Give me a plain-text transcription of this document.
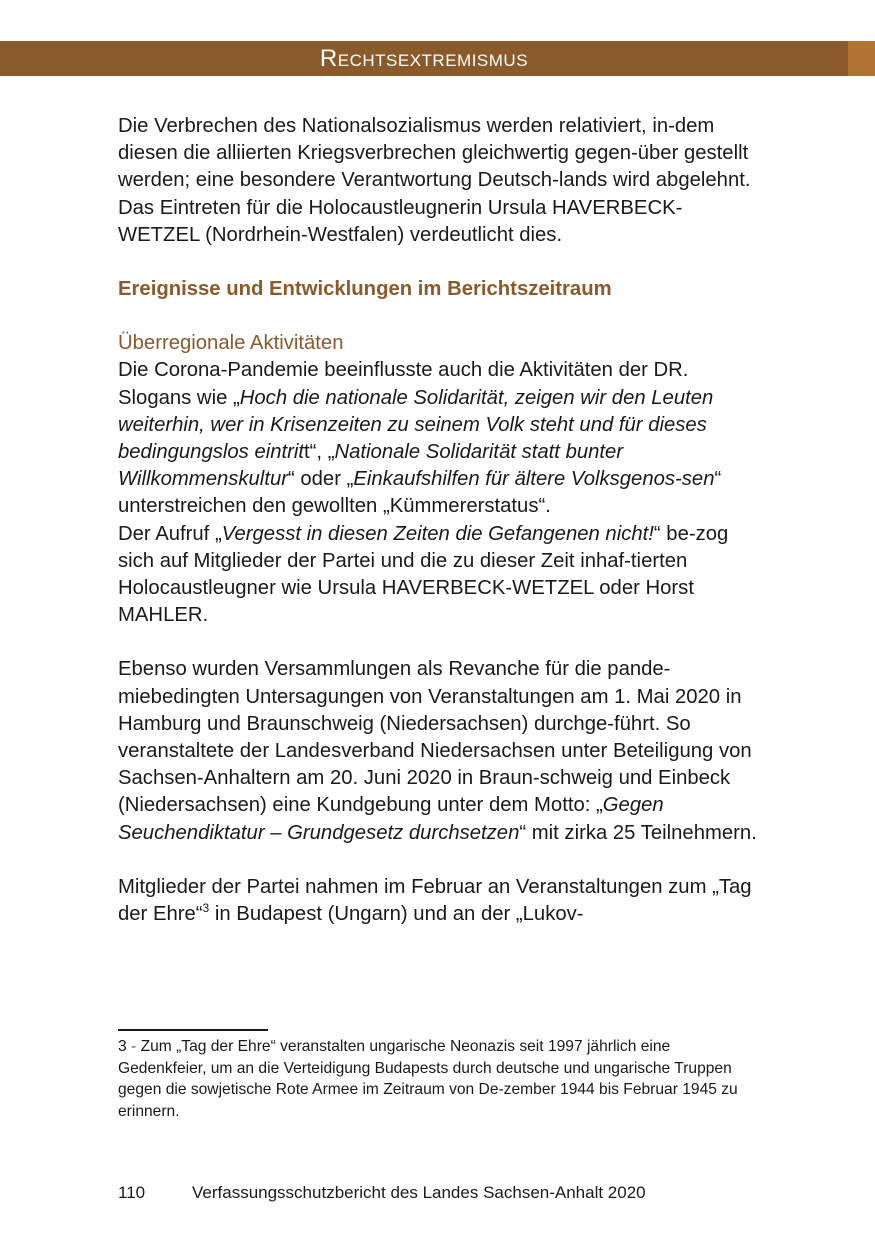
Rechtsextremismus

Die Verbrechen des Nationalsozialismus werden relativiert, in-dem diesen die alliierten Kriegsverbrechen gleichwertig gegen-über gestellt werden; eine besondere Verantwortung Deutsch-lands wird abgelehnt. Das Eintreten für die Holocaustleugnerin Ursula HAVERBECK-WETZEL (Nordrhein-Westfalen) verdeutlicht dies.

Ereignisse und Entwicklungen im Berichtszeitraum

Überregionale Aktivitäten

Die Corona-Pandemie beeinflusste auch die Aktivitäten der DR. Slogans wie „Hoch die nationale Solidarität, zeigen wir den Leuten weiterhin, wer in Krisenzeiten zu seinem Volk steht und für dieses bedingungslos eintritt“, „Nationale Solidarität statt bunter Willkommenskultur“ oder „Einkaufshilfen für ältere Volksgenos-sen“ unterstreichen den gewollten „Kümmererstatus“.

Der Aufruf „Vergesst in diesen Zeiten die Gefangenen nicht!“ be-zog sich auf Mitglieder der Partei und die zu dieser Zeit inhaf-tierten Holocaustleugner wie Ursula HAVERBECK-WETZEL oder Horst MAHLER.

Ebenso wurden Versammlungen als Revanche für die pande-miebedingten Untersagungen von Veranstaltungen am 1. Mai 2020 in Hamburg und Braunschweig (Niedersachsen) durchge-führt. So veranstaltete der Landesverband Niedersachsen unter Beteiligung von Sachsen-Anhaltern am 20. Juni 2020 in Braun-schweig und Einbeck (Niedersachsen) eine Kundgebung unter dem Motto: „Gegen Seuchendiktatur – Grundgesetz durchsetzen“ mit zirka 25 Teilnehmern.

Mitglieder der Partei nahmen im Februar an Veranstaltungen zum „Tag der Ehre“$^3$ in Budapest (Ungarn) und an der „Lukov-

3 - Zum „Tag der Ehre“ veranstalten ungarische Neonazis seit 1997 jährlich eine Gedenkfeier, um an die Verteidigung Budapests durch deutsche und ungarische Truppen gegen die sowjetische Rote Armee im Zeitraum von De-zember 1944 bis Februar 1945 zu erinnern.
110	Verfassungsschutzbericht des Landes Sachsen-Anhalt 2020
